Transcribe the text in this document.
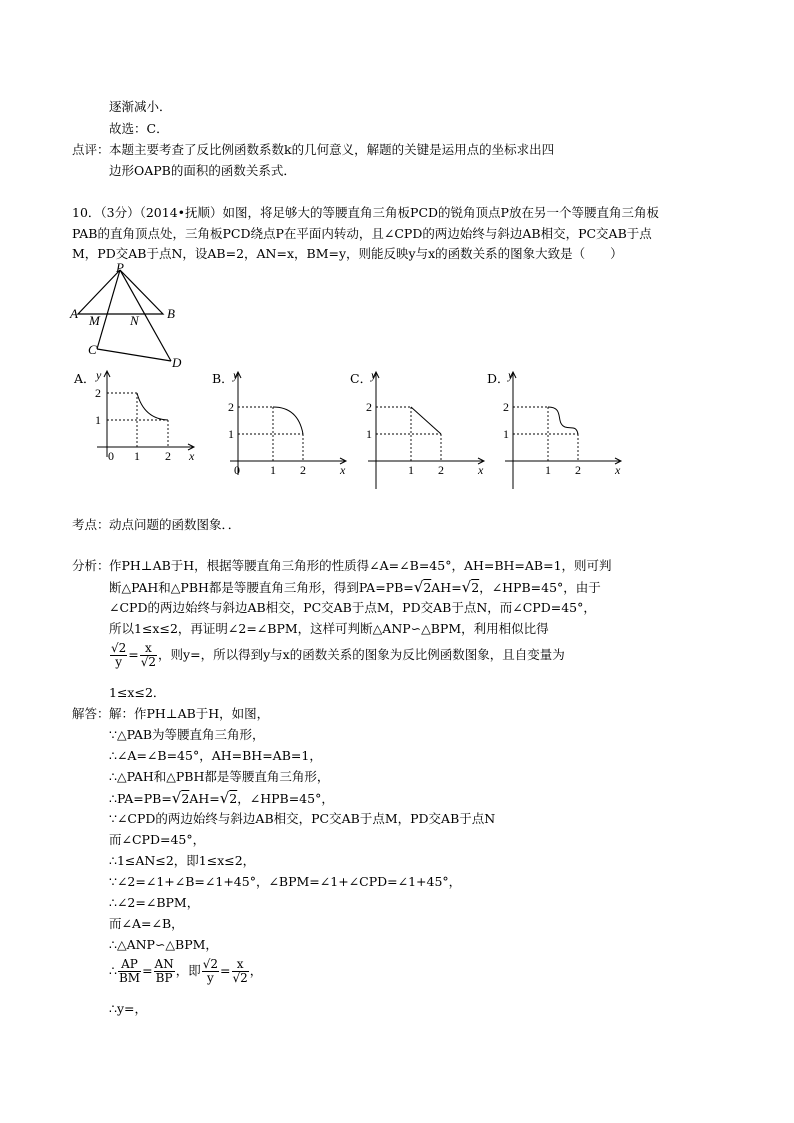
逐渐减小．
故选：C．
点评： 本题主要考查了反比例函数系数k的几何意义，解题的关键是运用点的坐标求出四
边形OAPB的面积的函数关系式．
10．（3分）（2014•抚顺）如图，将足够大的等腰直角三角板PCD的锐角顶点P放在另一个等腰直角三角板
PAB的直角顶点处，三角板PCD绕点P在平面内转动，且∠CPD的两边始终与斜边AB相交，PC交AB于点
M，PD交AB于点N，设AB=2，AN=x，BM=y，则能反映y与x的函数关系的图象大致是（　　）
P
A M N B
C
D
A． y
2
1
0 1 2 x
B． y
2
1
0	1 2	x
C．
y
2
1
1 2	x
D．
y
2
1
1 2	x
考点： 动点问题的函数图象．．
分析： 作PH⊥AB于H，根据等腰直角三角形的性质得∠A=∠B=45°，AH=BH=AB=1，则可判
断△PAH和△PBH都是等腰直角三角形，得到PA=PB=√2AH=√2，∠HPB=45°，由于
∠CPD的两边始终与斜边AB相交，PC交AB于点M，PD交AB于点N，而∠CPD=45°，
所以1≤x≤2，再证明∠2=∠BPM，这样可判断△ANP∽△BPM，利用相似比得
$\frac{√2}{y} = \frac{x}{√2}$ ，则y=，所以得到y与x的函数关系的图象为反比例函数图象，且自变量为
1≤x≤2．
解答： 解：作PH⊥AB于H，如图，
∵△PAB为等腰直角三角形，
∴∠A=∠B=45°，AH=BH=AB=1，
∴△PAH和△PBH都是等腰直角三角形，
∴PA=PB=√2AH=√2，∠HPB=45°，
∵∠CPD的两边始终与斜边AB相交，PC交AB于点M，PD交AB于点N
而∠CPD=45°，
∴1≤AN≤2，即1≤x≤2，
∵∠2=∠1+∠B=∠1+45°，∠BPM=∠1+∠CPD=∠1+45°，
∴∠2=∠BPM，
而∠A=∠B，
∴△ANP∽△BPM，
∴ $\frac{AP}{BM} = \frac{AN}{BP}$ ，即 $\frac{√2}{y} = \frac{x}{√2}$ ，
∴y=，
